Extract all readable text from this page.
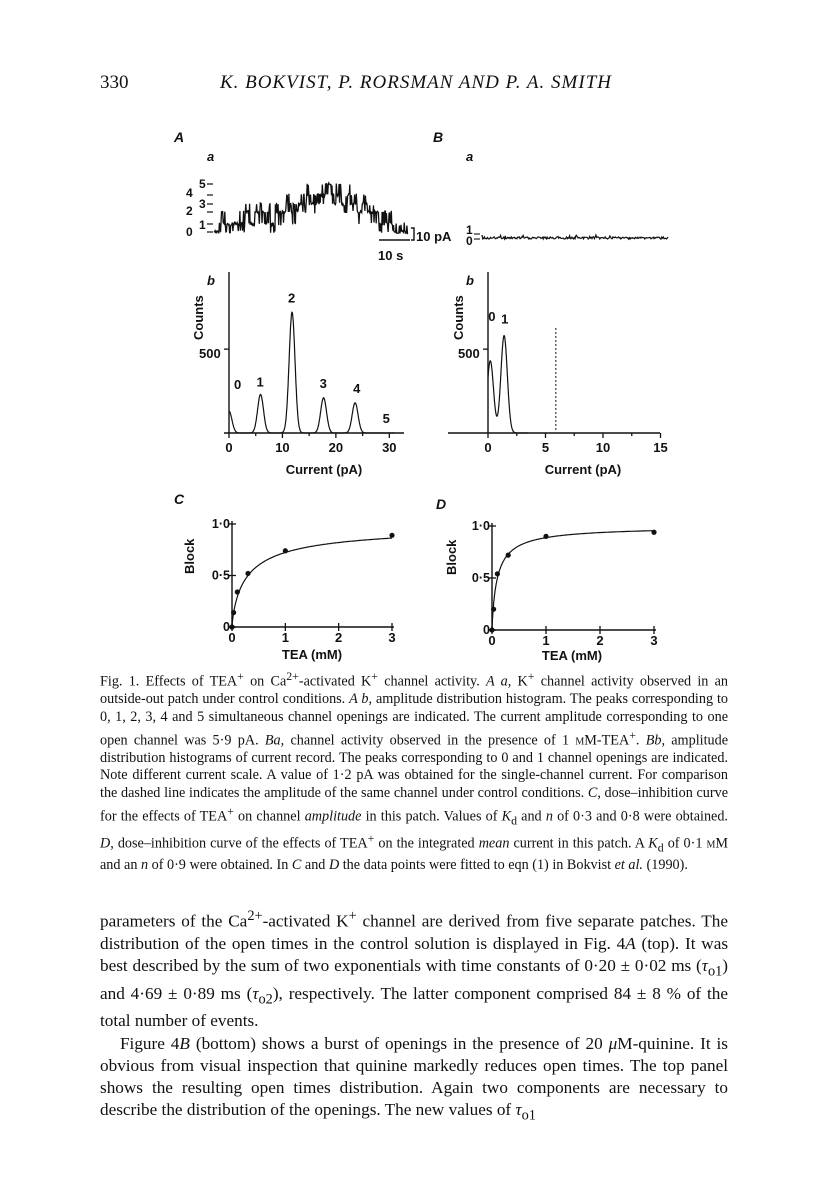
330	K. BOKVIST, P. RORSMAN AND P. A. SMITH
A	B
a	a
b	b
C	D
0 1
2 3
4
5
10 pA
10 s
1
0
0 1
2
3 4
5
0	10	20	30
500
Counts
Current (pA)
0 1
0	5	10	15
500
Counts
Current (pA)
0
0·5
1·0
0	1	2	3
Block
TEA (mM)
0
0·5
1·0
0	1	2	3
Block
TEA (mM)
Fig. 1. Effects of TEA+ on $Ca^{2+}$-activated K+ channel activity. A a, K+ channel activity observed in an outside-out patch under control conditions. A b, amplitude distribution histogram. The peaks corresponding to 0, 1, 2, 3, 4 and 5 simultaneous channel openings are indicated. The current amplitude corresponding to one open channel was 5·9 pA. Ba, channel activity observed in the presence of 1 mM-TEA+. Bb, amplitude distribution histograms of current record. The peaks corresponding to 0 and 1 channel openings are indicated. Note different current scale. A value of 1·2 pA was obtained for the single-channel current. For comparison the dashed line indicates the amplitude of the same channel under control conditions. C, dose–inhibition curve for the effects of TEA+ on channel amplitude in this patch. Values of $K_d$ and n of 0·3 and 0·8 were obtained. D, dose–inhibition curve of the effects of TEA+ on the integrated mean current in this patch. A $K_d$ of 0·1 mM and an n of 0·9 were obtained. In C and D the data points were fitted to eqn (1) in Bokvist et al. (1990).

parameters of the $Ca^{2+}$-activated K+ channel are derived from five separate patches. The distribution of the open times in the control solution is displayed in Fig. 4A (top). It was best described by the sum of two exponentials with time constants of 0·20 ± 0·02 ms $(\tau_{o1})$ and 4·69 ± 0·89 ms $(\tau_{o2})$, respectively. The latter component comprised 84 ± 8 % of the total number of events.

Figure 4B (bottom) shows a burst of openings in the presence of 20 μM-quinine. It is obvious from visual inspection that quinine markedly reduces open times. The top panel shows the resulting open times distribution. Again two components are necessary to describe the distribution of the openings. The new values of $\tau_{o1}$
